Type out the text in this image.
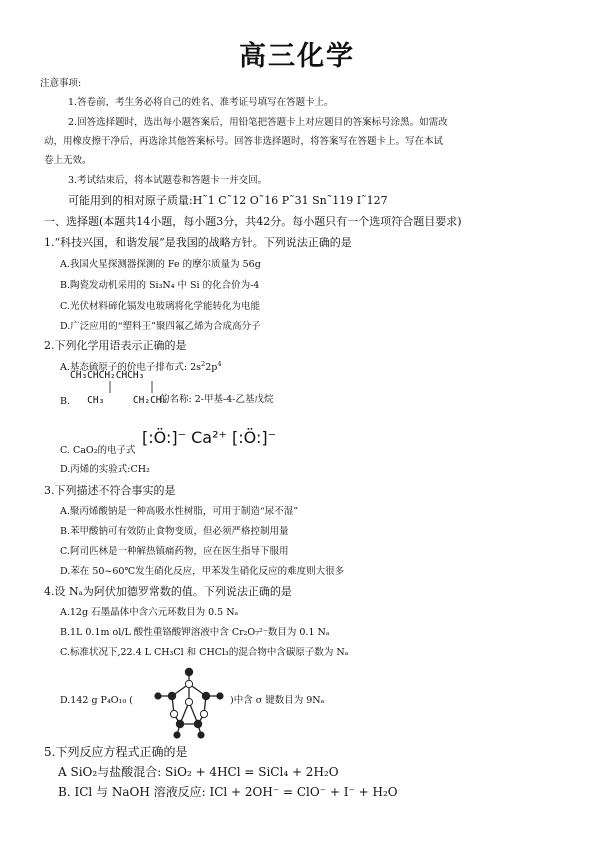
高三化学
注意事项:
1.答卷前，考生务必将自己的姓名、准考证号填写在答题卡上。
2.回答选择题时，选出每小题答案后，用铅笔把答题卡上对应题目的答案标号涂黑。如需改
动，用橡皮擦干净后，再选涂其他答案标号。回答非选择题时，将答案写在答题卡上。写在本试
卷上无效。
3.考试结束后，将本试题卷和答题卡一并交回。
可能用到的相对原子质量:H˜1 C˜12 O˜16 P˜31 Sn˜119 I˜127
一、选择题(本题共14小题，每小题3分，共42分。每小题只有一个选项符合题目要求)
1.“科技兴国，和谐发展”是我国的战略方针。下列说法正确的是
A.我国火星探测器探测的 Fe 的摩尔质量为 56g
B.陶瓷发动机采用的 Si₃N₄ 中 Si 的化合价为-4
C.光伏材料碲化镉发电玻璃将化学能转化为电能
D.广泛应用的“塑料王”聚四氟乙烯为合成高分子
2.下列化学用语表示正确的是
A.基态硫原子的价电子排布式: $2s^22p^4$
B.
CH₃CHCH₂CHCH₃
CH₃     CH₂CH₃
的名称: 2-甲基-4-乙基戊烷
C. CaO₂的电子式
[:Ö:]⁻ Ca²⁺ [:Ö:]⁻
D.丙烯的实验式:CH₂
3.下列描述不符合事实的是
A.聚丙烯酸钠是一种高吸水性树脂，可用于制造“尿不湿”
B.苯甲酸钠可有效防止食物变质，但必须严格控制用量
C.阿司匹林是一种解热镇痛药物，应在医生指导下服用
D.苯在 50~60℃发生硝化反应，甲苯发生硝化反应的难度则大很多
4.设 Nₐ为阿伏加德罗常数的值。下列说法正确的是
A.12g 石墨晶体中含六元环数目为 0.5 Nₐ
B.1L 0.1m ol/L 酸性重铬酸钾溶液中含 Cr₂O₇²⁻数目为 0.1 Nₐ
C.标准状况下,22.4 L CH₃Cl 和 CHCl₃的混合物中含碳原子数为 Nₐ
D.142 g P₄O₁₀ (	)中含 σ 键数目为 9Nₐ
5.下列反应方程式正确的是
A SiO₂与盐酸混合: SiO₂ + 4HCl = SiCl₄ + 2H₂O
B. ICl 与 NaOH 溶液反应: ICl + 2OH⁻ = ClO⁻ + I⁻ + H₂O
